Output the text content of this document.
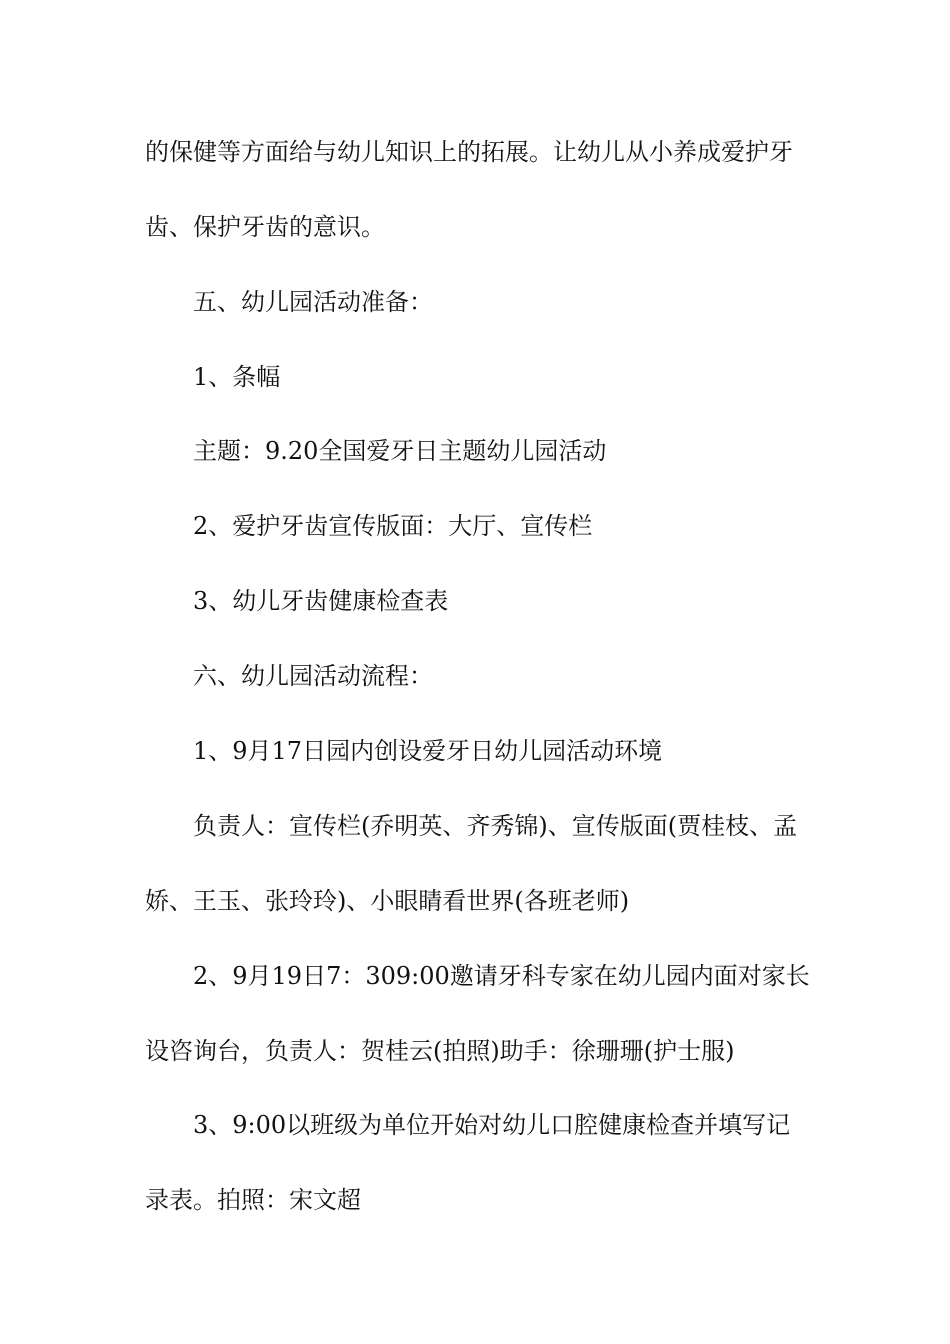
的保健等方面给与幼儿知识上的拓展。让幼儿从小养成爱护牙
齿、保护牙齿的意识。
五、幼儿园活动准备：
1、条幅
主题：9.20全国爱牙日主题幼儿园活动
2、爱护牙齿宣传版面：大厅、宣传栏
3、幼儿牙齿健康检查表
六、幼儿园活动流程：
1、9月17日园内创设爱牙日幼儿园活动环境
负责人：宣传栏(乔明英、齐秀锦)、宣传版面(贾桂枝、孟
娇、王玉、张玲玲)、小眼睛看世界(各班老师)
2、9月19日7：309:00邀请牙科专家在幼儿园内面对家长
设咨询台，负责人：贺桂云(拍照)助手：徐珊珊(护士服)
3、9:00以班级为单位开始对幼儿口腔健康检查并填写记
录表。拍照：宋文超
